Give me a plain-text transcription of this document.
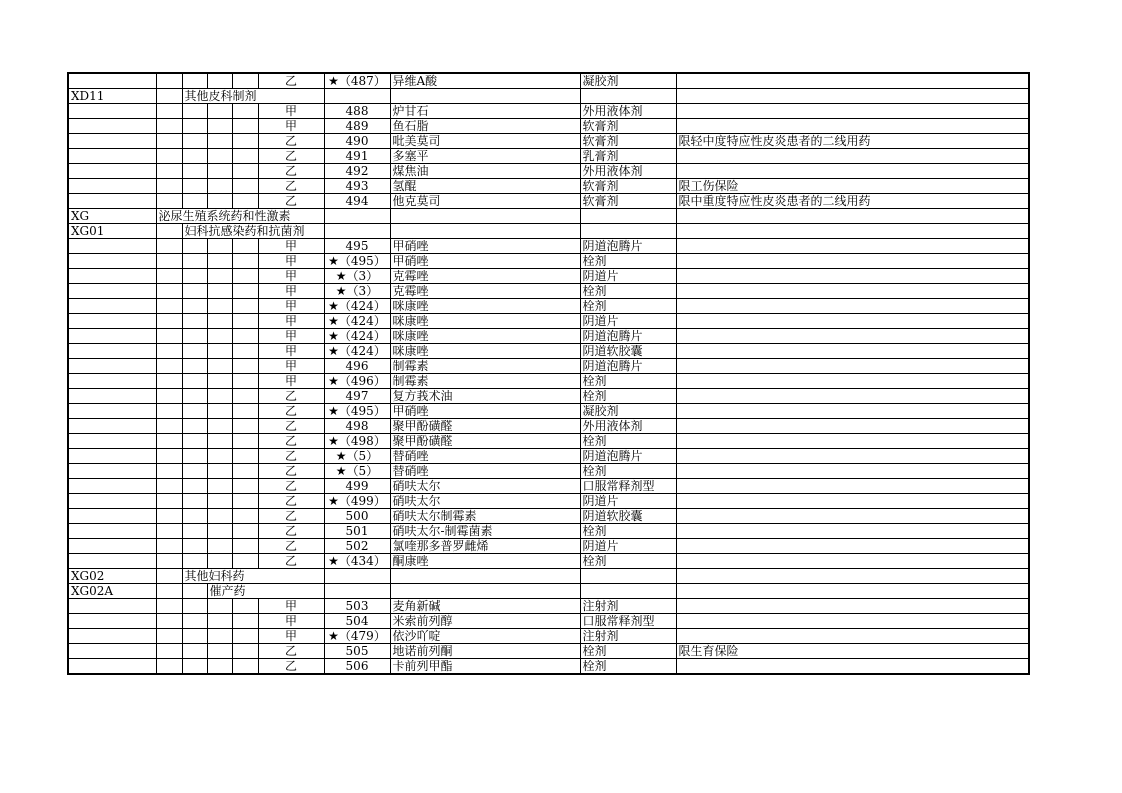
					乙	★（487）	异维A酸	凝胶剂	
XD11		其他皮科制剂							
					甲	488	炉甘石	外用液体剂	
					甲	489	鱼石脂	软膏剂	
					乙	490	吡美莫司	软膏剂	限轻中度特应性皮炎患者的二线用药
					乙	491	多塞平	乳膏剂	
					乙	492	煤焦油	外用液体剂	
					乙	493	氢醌	软膏剂	限工伤保险
					乙	494	他克莫司	软膏剂	限中重度特应性皮炎患者的二线用药
XG	泌尿生殖系统药和性激素								
XG01		妇科抗感染药和抗菌剂							
					甲	495	甲硝唑	阴道泡腾片	
					甲	★（495）	甲硝唑	栓剂	
					甲	★（3）	克霉唑	阴道片	
					甲	★（3）	克霉唑	栓剂	
					甲	★（424）	咪康唑	栓剂	
					甲	★（424）	咪康唑	阴道片	
					甲	★（424）	咪康唑	阴道泡腾片	
					甲	★（424）	咪康唑	阴道软胶囊	
					甲	496	制霉素	阴道泡腾片	
					甲	★（496）	制霉素	栓剂	
					乙	497	复方莪术油	栓剂	
					乙	★（495）	甲硝唑	凝胶剂	
					乙	498	聚甲酚磺醛	外用液体剂	
					乙	★（498）	聚甲酚磺醛	栓剂	
					乙	★（5）	替硝唑	阴道泡腾片	
					乙	★（5）	替硝唑	栓剂	
					乙	499	硝呋太尔	口服常释剂型	
					乙	★（499）	硝呋太尔	阴道片	
					乙	500	硝呋太尔制霉素	阴道软胶囊	
					乙	501	硝呋太尔-制霉菌素	栓剂	
					乙	502	氯喹那多普罗雌烯	阴道片	
					乙	★（434）	酮康唑	栓剂	
XG02		其他妇科药							
XG02A			催产药						
					甲	503	麦角新碱	注射剂	
					甲	504	米索前列醇	口服常释剂型	
					甲	★（479）	依沙吖啶	注射剂	
					乙	505	地诺前列酮	栓剂	限生育保险
					乙	506	卡前列甲酯	栓剂	
